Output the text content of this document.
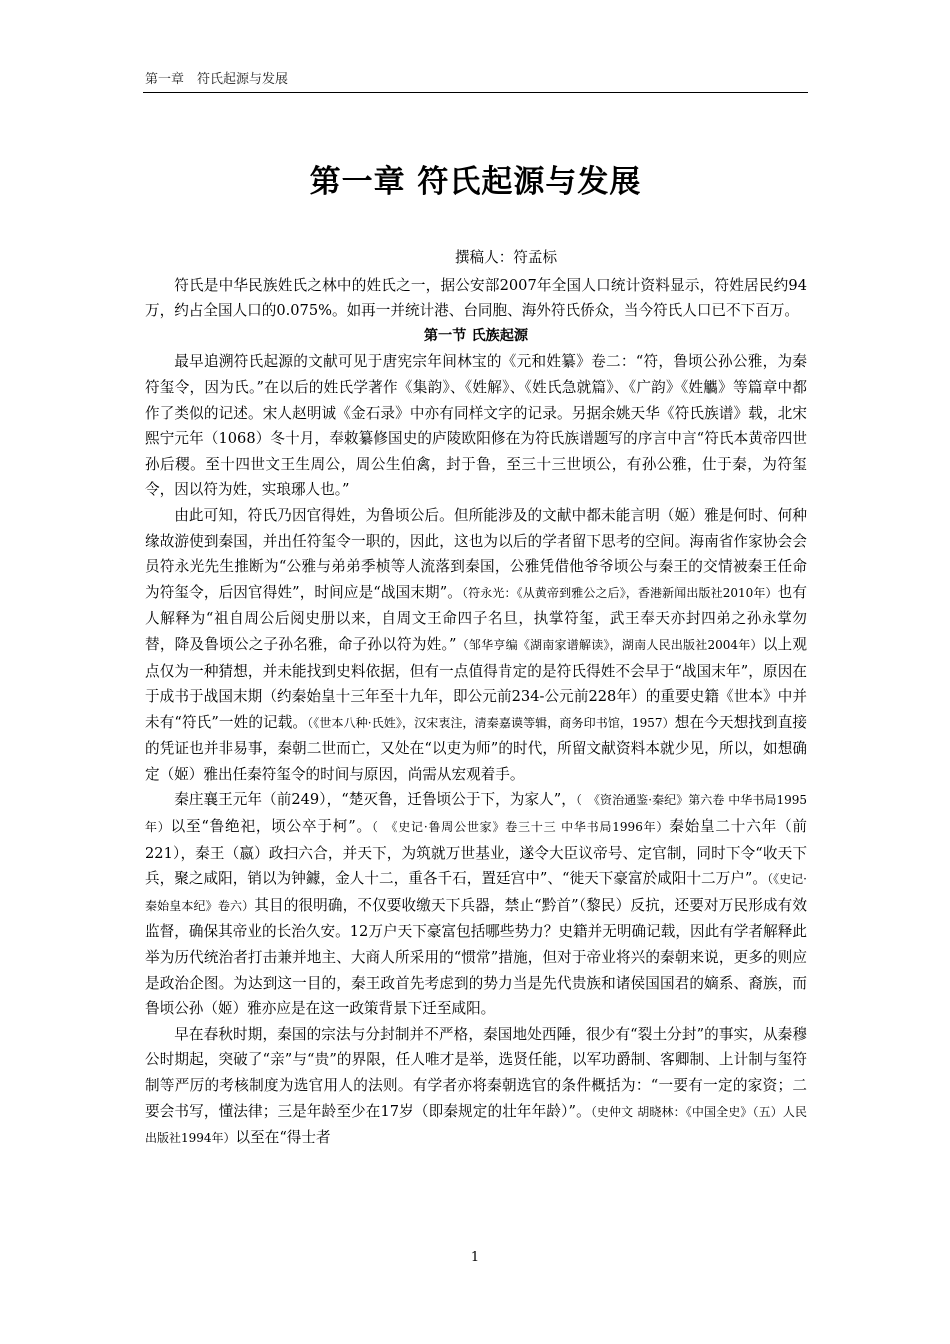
第一章　符氏起源与发展
第一章 符氏起源与发展

撰稿人：符孟标

符氏是中华民族姓氏之林中的姓氏之一，据公安部2007年全国人口统计资料显示，符姓居民约94万，约占全国人口的0.075%。如再一并统计港、台同胞、海外符氏侨众，当今符氏人口已不下百万。

第一节 氏族起源

最早追溯符氏起源的文献可见于唐宪宗年间林宝的《元和姓纂》卷二：“符，鲁顷公孙公雅，为秦符玺令，因为氏。”在以后的姓氏学著作《集韵》、《姓解》、《姓氏急就篇》、《广韵》《姓觿》等篇章中都作了类似的记述。宋人赵明诚《金石录》中亦有同样文字的记录。另据余姚天华《符氏族谱》载，北宋熙宁元年（1068）冬十月，奉敕纂修国史的庐陵欧阳修在为符氏族谱题写的序言中言“符氏本黄帝四世孙后稷。至十四世文王生周公，周公生伯禽，封于鲁，至三十三世顷公，有孙公雅，仕于秦，为符玺令，因以符为姓，实琅琊人也。”

由此可知，符氏乃因官得姓，为鲁顷公后。但所能涉及的文献中都未能言明（姬）雅是何时、何种缘故游使到秦国，并出任符玺令一职的，因此，这也为以后的学者留下思考的空间。海南省作家协会会员符永光先生推断为“公雅与弟弟季桢等人流落到秦国，公雅凭借他爷爷顷公与秦王的交情被秦王任命为符玺令，后因官得姓”，时间应是“战国末期”。（符永光：《从黄帝到雅公之后》，香港新闻出版社2010年）也有人解释为“祖自周公后阅史册以来，自周文王命四子名旦，执掌符玺，武王奉天亦封四弟之孙永掌勿替，降及鲁顷公之子孙名雅，命子孙以符为姓。”（邹华亨编《湖南家谱解读》，湖南人民出版社2004年）以上观点仅为一种猜想，并未能找到史料依据，但有一点值得肯定的是符氏得姓不会早于“战国末年”，原因在于成书于战国末期（约秦始皇十三年至十九年，即公元前234-公元前228年）的重要史籍《世本》中并未有“符氏”一姓的记载。（《世本八种·氏姓》，汉宋衷注，清秦嘉谟等辑，商务印书馆，1957）想在今天想找到直接的凭证也并非易事，秦朝二世而亡，又处在“以吏为师”的时代，所留文献资料本就少见，所以，如想确定（姬）雅出任秦符玺令的时间与原因，尚需从宏观着手。

秦庄襄王元年（前249），“楚灭鲁，迁鲁顷公于下，为家人”，（　《资治通鉴·秦纪》第六卷 中华书局1995年）以至“鲁绝祀，顷公卒于柯”。（　《史记·鲁周公世家》卷三十三 中华书局1996年）秦始皇二十六年（前221），秦王（嬴）政扫六合，并天下，为筑就万世基业，遂令大臣议帝号、定官制，同时下令“收天下兵，聚之咸阳，销以为钟鐻，金人十二，重各千石，置廷宫中”、“徙天下豪富於咸阳十二万户”。（《史记·秦始皇本纪》卷六）其目的很明确，不仅要收缴天下兵器，禁止“黔首”（黎民）反抗，还要对万民形成有效监督，确保其帝业的长治久安。12万户天下豪富包括哪些势力？史籍并无明确记载，因此有学者解释此举为历代统治者打击兼并地主、大商人所采用的“惯常”措施，但对于帝业将兴的秦朝来说，更多的则应是政治企图。为达到这一目的，秦王政首先考虑到的势力当是先代贵族和诸侯国国君的嫡系、裔族，而鲁顷公孙（姬）雅亦应是在这一政策背景下迁至咸阳。

早在春秋时期，秦国的宗法与分封制并不严格，秦国地处西陲，很少有“裂土分封”的事实，从秦穆公时期起，突破了“亲”与“贵”的界限，任人唯才是举，选贤任能，以军功爵制、客卿制、上计制与玺符制等严厉的考核制度为选官用人的法则。有学者亦将秦朝选官的条件概括为：“一要有一定的家资；二要会书写，懂法律；三是年龄至少在17岁（即秦规定的壮年年龄）”。（史仲文 胡晓林：《中国全史》（五）人民出版社1994年）以至在“得士者

1
